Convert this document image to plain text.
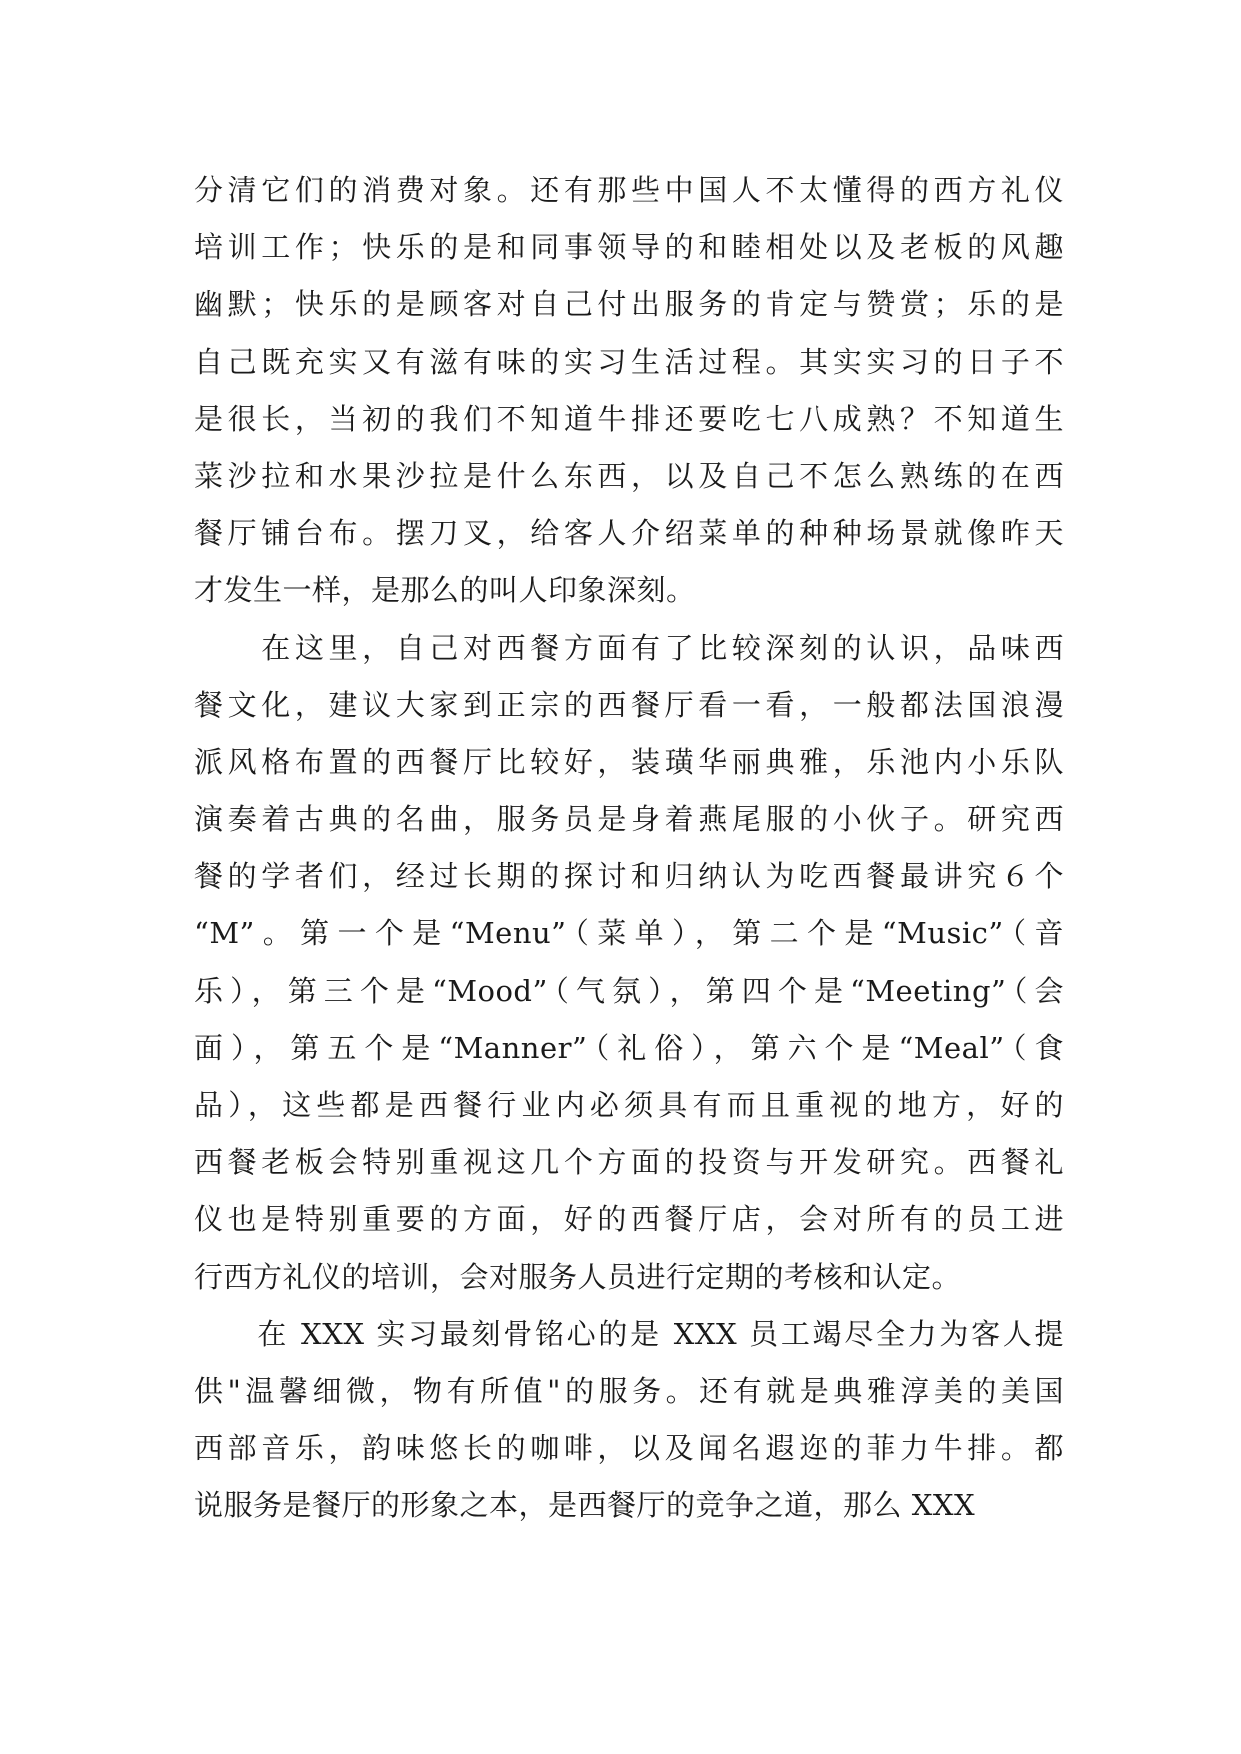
分清它们的消费对象。还有那些中国人不太懂得的西方礼仪
培训工作；快乐的是和同事领导的和睦相处以及老板的风趣
幽默；快乐的是顾客对自己付出服务的肯定与赞赏；乐的是
自己既充实又有滋有味的实习生活过程。其实实习的日子不
是很长，当初的我们不知道牛排还要吃七八成熟？不知道生
菜沙拉和水果沙拉是什么东西，以及自己不怎么熟练的在西
餐厅铺台布。摆刀叉，给客人介绍菜单的种种场景就像昨天
才发生一样，是那么的叫人印象深刻。
　　在这里，自己对西餐方面有了比较深刻的认识，品味西
餐文化，建议大家到正宗的西餐厅看一看，一般都法国浪漫
派风格布置的西餐厅比较好，装璜华丽典雅，乐池内小乐队
演奏着古典的名曲，服务员是身着燕尾服的小伙子。研究西
餐的学者们，经过长期的探讨和归纳认为吃西餐最讲究６个
“M”。第一个是“Menu”（菜单），第二个是“Music”（音
乐），第三个是“Mood”（气氛），第四个是“Meeting”（会
面），第五个是“Manner”（礼俗），第六个是“Meal”（食
品），这些都是西餐行业内必须具有而且重视的地方，好的
西餐老板会特别重视这几个方面的投资与开发研究。西餐礼
仪也是特别重要的方面，好的西餐厅店，会对所有的员工进
行西方礼仪的培训，会对服务人员进行定期的考核和认定。
　　在 XXX 实习最刻骨铭心的是 XXX 员工竭尽全力为客人提
供"温馨细微，物有所值"的服务。还有就是典雅淳美的美国
西部音乐，韵味悠长的咖啡，以及闻名遐迩的菲力牛排。都
说服务是餐厅的形象之本，是西餐厅的竞争之道，那么 XXX
